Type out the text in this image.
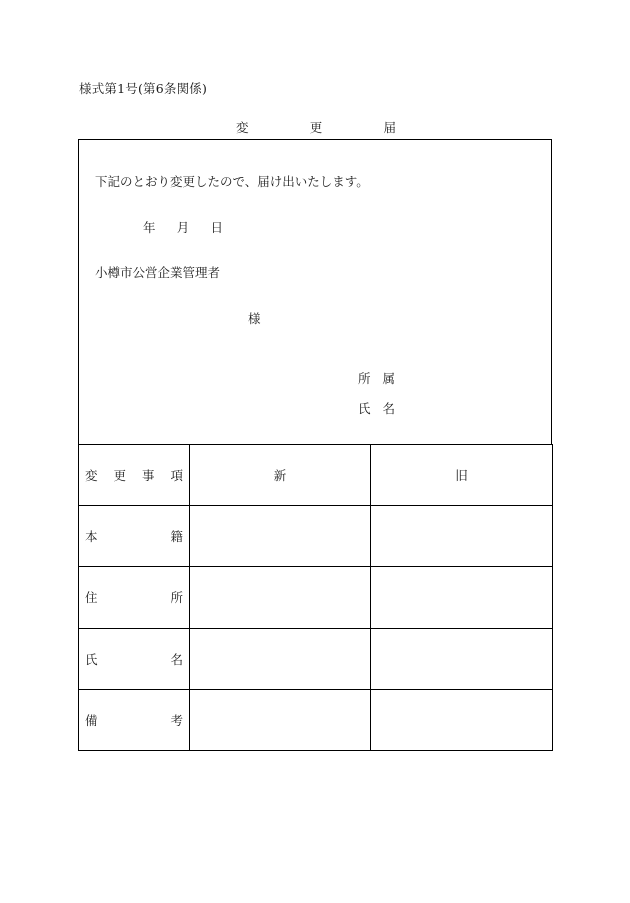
様式第1号(第6条関係)
変	更	届
下記のとおり変更したので、届け出いたします。
年 月 日
小樽市公営企業管理者
様
所 属
氏 名
変 更 事 項	新	旧

本 籍		

住 所		

氏 名		

備 考		
